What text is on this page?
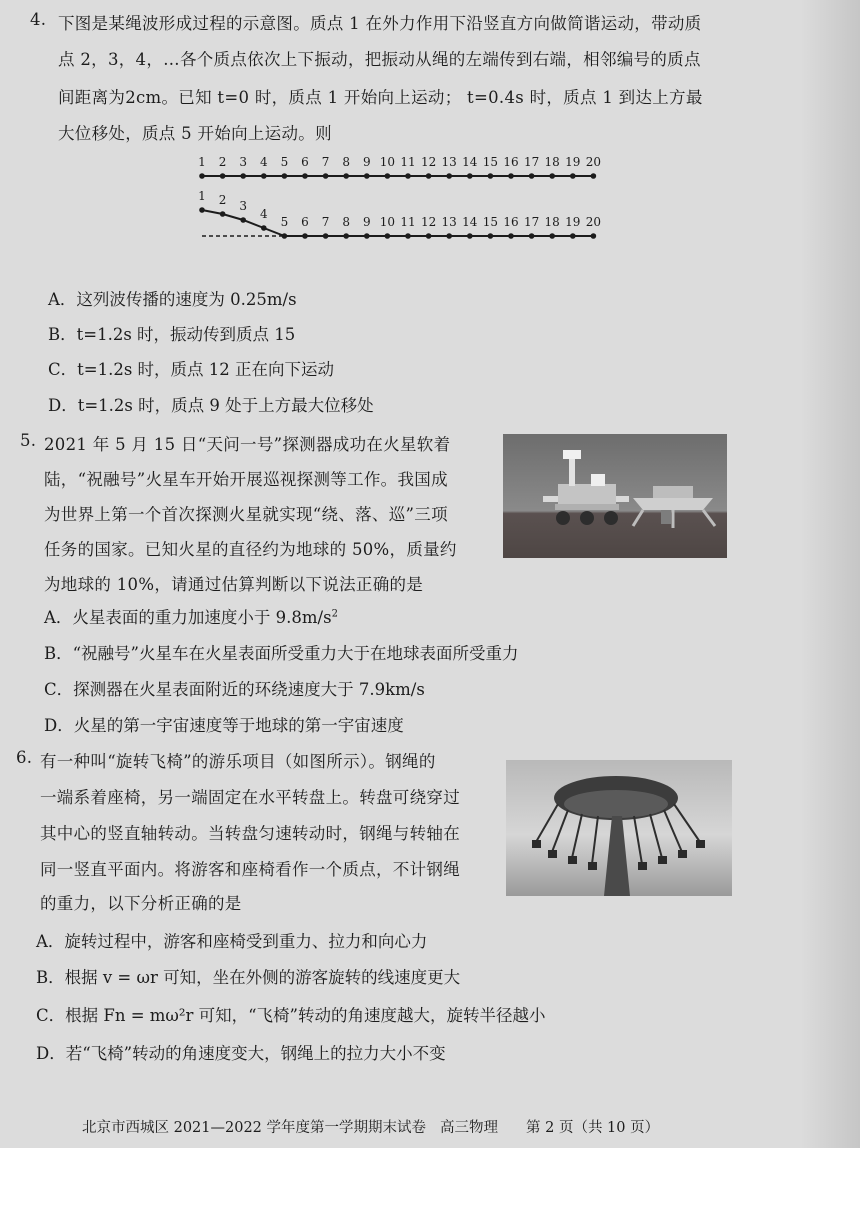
4. 下图是某绳波形成过程的示意图。质点 1 在外力作用下沿竖直方向做简谐运动，带动质
点 2，3，4，…各个质点依次上下振动，把振动从绳的左端传到右端，相邻编号的质点
间距离为2cm。已知 t=0 时，质点 1 开始向上运动； t=0.4s 时，质点 1 到达上方最
大位移处，质点 5 开始向上运动。则
1 2 3 4 5 6 7 8 9 10 11 12 13 14 15 16 17 18 19 20
1 2 3
4
5 6 7 8 9 10 11 12 13 14 15 16 17 18 19 20
A．这列波传播的速度为 0.25m/s
B．t=1.2s 时，振动传到质点 15
C．t=1.2s 时，质点 12 正在向下运动
D．t=1.2s 时，质点 9 处于上方最大位移处
5. 2021 年 5 月 15 日“天问一号”探测器成功在火星软着
陆，“祝融号”火星车开始开展巡视探测等工作。我国成
为世界上第一个首次探测火星就实现“绕、落、巡”三项
任务的国家。已知火星的直径约为地球的 50%，质量约
为地球的 10%，请通过估算判断以下说法正确的是
A．火星表面的重力加速度小于 $9.8m/s^2$
B．“祝融号”火星车在火星表面所受重力大于在地球表面所受重力
C．探测器在火星表面附近的环绕速度大于 7.9km/s
D．火星的第一宇宙速度等于地球的第一宇宙速度
6. 有一种叫“旋转飞椅”的游乐项目（如图所示）。钢绳的
一端系着座椅，另一端固定在水平转盘上。转盘可绕穿过
其中心的竖直轴转动。当转盘匀速转动时，钢绳与转轴在
同一竖直平面内。将游客和座椅看作一个质点，不计钢绳
的重力，以下分析正确的是
A．旋转过程中，游客和座椅受到重力、拉力和向心力
B．根据 v = ωr 可知，坐在外侧的游客旋转的线速度更大
C．根据 Fn = mω²r 可知，“飞椅”转动的角速度越大，旋转半径越小
D．若“飞椅”转动的角速度变大，钢绳上的拉力大小不变
北京市西城区 2021—2022 学年度第一学期期末试卷 高三物理 第 2 页（共 10 页）
